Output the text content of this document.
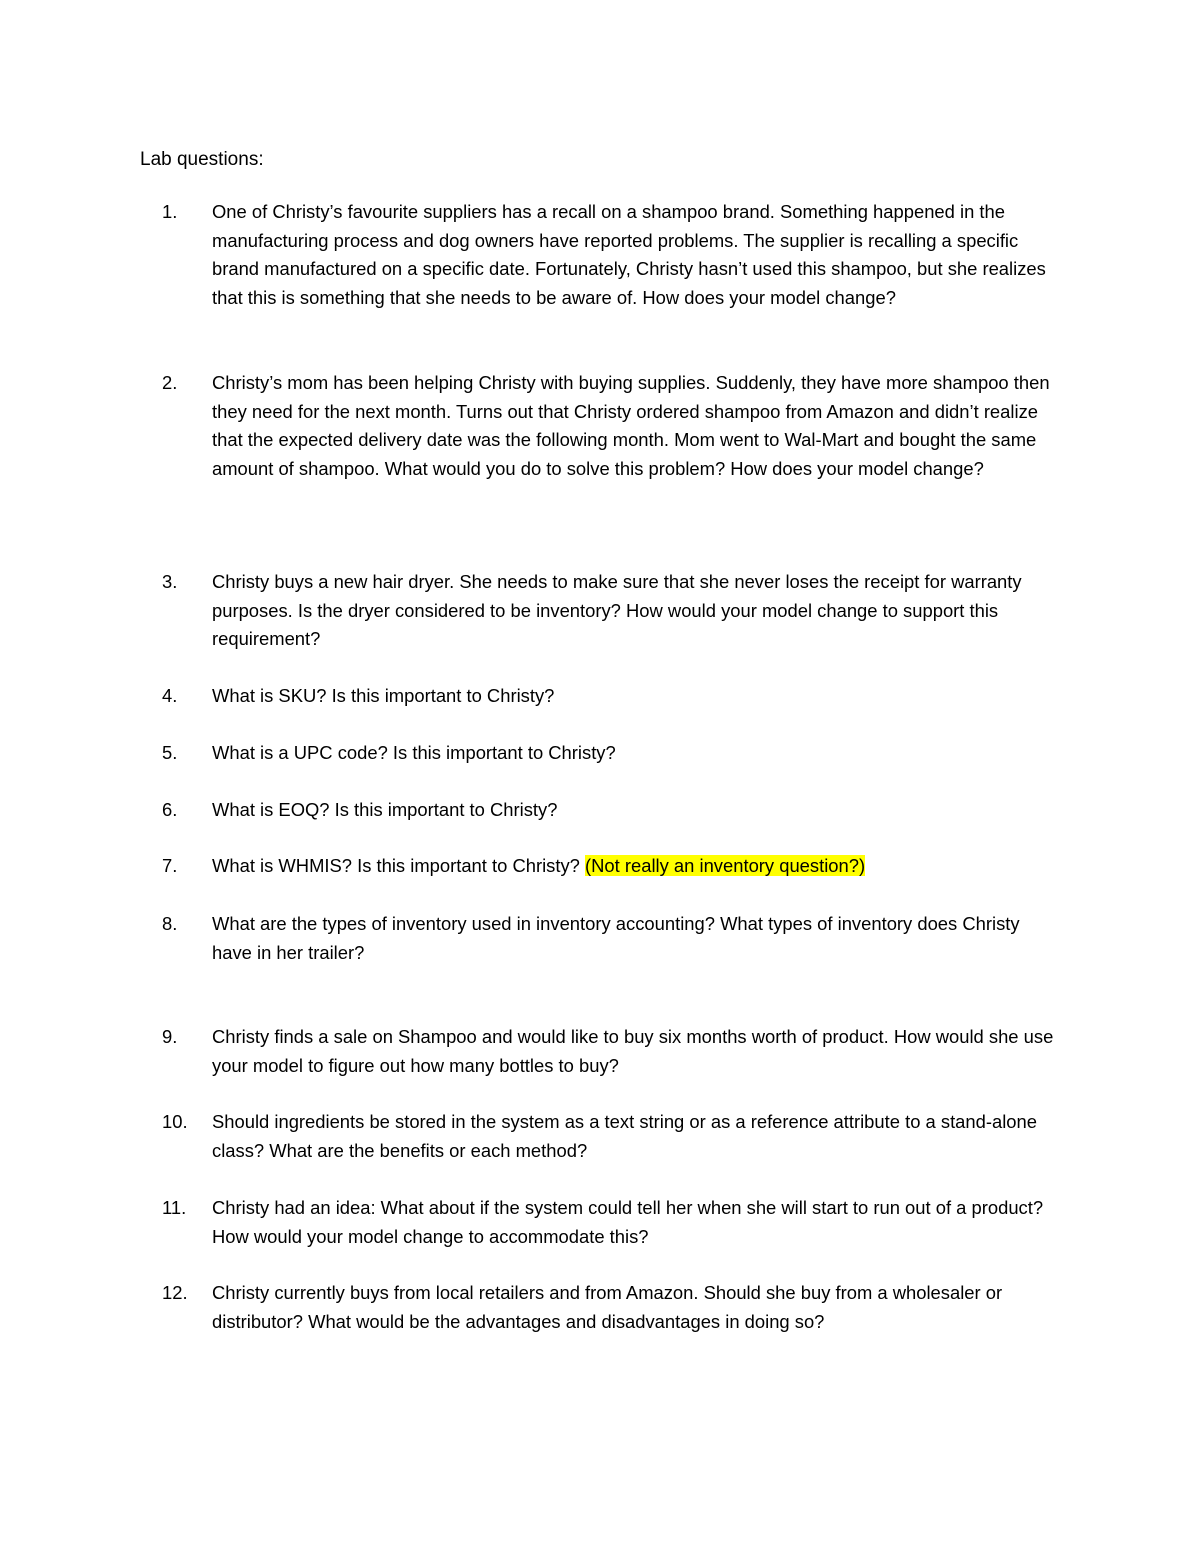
Lab questions:
1.	One of Christy’s favourite suppliers has a recall on a shampoo brand. Something happened in the manufacturing process and dog owners have reported problems. The supplier is recalling a specific brand manufactured on a specific date. Fortunately, Christy hasn’t used this shampoo, but she realizes that this is something that she needs to be aware of. How does your model change?
2.	Christy’s mom has been helping Christy with buying supplies. Suddenly, they have more shampoo then they need for the next month. Turns out that Christy ordered shampoo from Amazon and didn’t realize that the expected delivery date was the following month. Mom went to Wal-Mart and bought the same amount of shampoo. What would you do to solve this problem? How does your model change?
3.	Christy buys a new hair dryer. She needs to make sure that she never loses the receipt for warranty purposes. Is the dryer considered to be inventory? How would your model change to support this requirement?
4.	What is SKU? Is this important to Christy?
5.	What is a UPC code? Is this important to Christy?
6.	What is EOQ? Is this important to Christy?
7.	What is WHMIS? Is this important to Christy? (Not really an inventory question?)
8.	What are the types of inventory used in inventory accounting? What types of inventory does Christy have in her trailer?
9.	Christy finds a sale on Shampoo and would like to buy six months worth of product. How would she use your model to figure out how many bottles to buy?
10.	Should ingredients be stored in the system as a text string or as a reference attribute to a stand-alone class? What are the benefits or each method?
11.	Christy had an idea: What about if the system could tell her when she will start to run out of a product? How would your model change to accommodate this?
12.	Christy currently buys from local retailers and from Amazon. Should she buy from a wholesaler or distributor? What would be the advantages and disadvantages in doing so?
